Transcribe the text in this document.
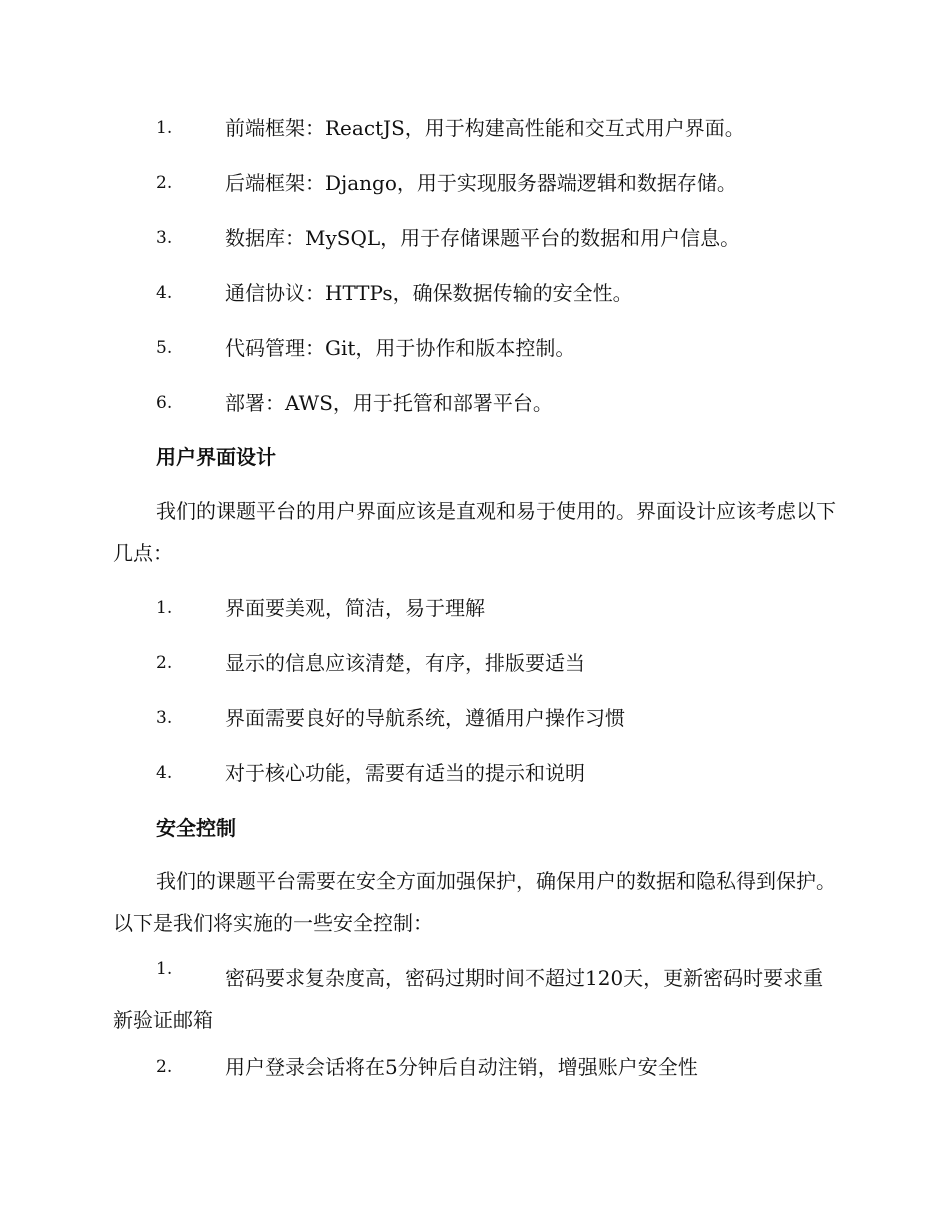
1.	前端框架：ReactJS，用于构建高性能和交互式用户界面。
2.	后端框架：Django，用于实现服务器端逻辑和数据存储。
3.	数据库：MySQL，用于存储课题平台的数据和用户信息。
4.	通信协议：HTTPs，确保数据传输的安全性。
5.	代码管理：Git，用于协作和版本控制。
6.	部署：AWS，用于托管和部署平台。
用户界面设计
我们的课题平台的用户界面应该是直观和易于使用的。界面设计应该考虑以下几点：
1.	界面要美观，简洁，易于理解
2.	显示的信息应该清楚，有序，排版要适当
3.	界面需要良好的导航系统，遵循用户操作习惯
4.	对于核心功能，需要有适当的提示和说明
安全控制
我们的课题平台需要在安全方面加强保护，确保用户的数据和隐私得到保护。以下是我们将实施的一些安全控制：
1.	密码要求复杂度高，密码过期时间不超过120天，更新密码时要求重新验证邮箱
2.	用户登录会话将在5分钟后自动注销，增强账户安全性
